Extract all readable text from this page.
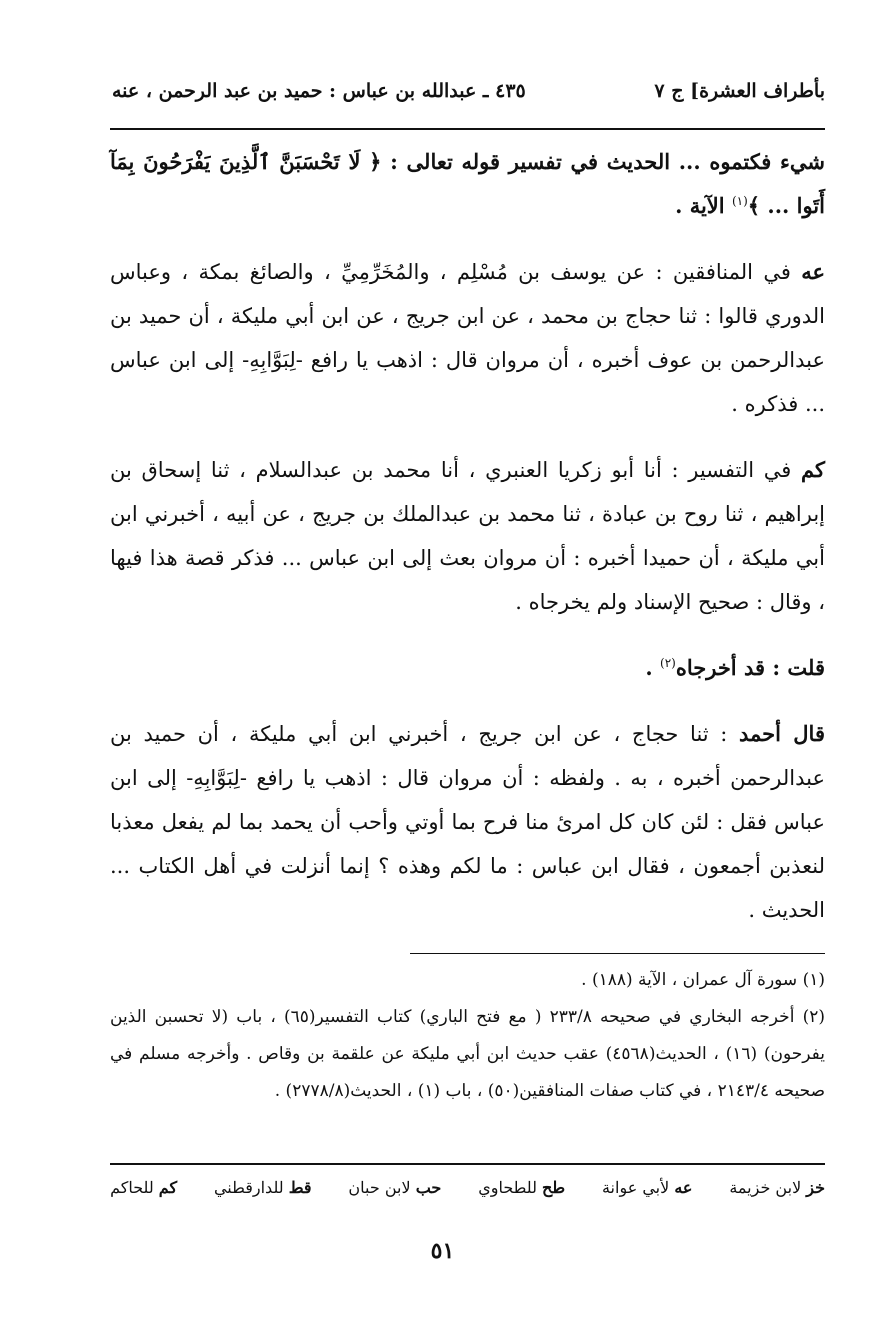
بأطراف العشرة] ج ٧
٤٣٥ ـ عبدالله بن عباس : حميد بن عبد الرحمن ، عنه

شيء فكتموه ... الحديث في تفسير قوله تعالى : ﴿ لَا تَحْسَبَنَّ ٱلَّذِينَ يَفْرَحُونَ بِمَآ أَتَوا ... ﴾$^{(١)}$ الآية .

عه في المنافقين : عن يوسف بن مُسْلِم ، والمُخَرِّمِيِّ ، والصائغ بمكة ، وعباس الدوري قالوا : ثنا حجاج بن محمد ، عن ابن جريج ، عن ابن أبي مليكة ، أن حميد بن عبدالرحمن بن عوف أخبره ، أن مروان قال : اذهب يا رافع -لِبَوَّابِهِ- إلى ابن عباس ... فذكره .

كم في التفسير : أنا أبو زكريا العنبري ، أنا محمد بن عبدالسلام ، ثنا إسحاق بن إبراهيم ، ثنا روح بن عبادة ، ثنا محمد بن عبدالملك بن جريج ، عن أبيه ، أخبرني ابن أبي مليكة ، أن حميدا أخبره : أن مروان بعث إلى ابن عباس ... فذكر قصة هذا فيها ، وقال : صحيح الإسناد ولم يخرجاه .

قلت : قد أخرجاه$^{(٢)}$ .

قال أحمد : ثنا حجاج ، عن ابن جريج ، أخبرني ابن أبي مليكة ، أن حميد بن عبدالرحمن أخبره ، به . ولفظه : أن مروان قال : اذهب يا رافع -لِبَوَّابِهِ- إلى ابن عباس فقل : لئن كان كل امرئ منا فرح بما أوتي وأحب أن يحمد بما لم يفعل معذبا لنعذبن أجمعون ، فقال ابن عباس : ما لكم وهذه ؟ إنما أنزلت في أهل الكتاب ... الحديث .

(١) سورة آل عمران ، الآية (١٨٨) .

(٢) أخرجه البخاري في صحيحه ٢٣٣/٨ ( مع فتح الباري) كتاب التفسير(٦٥) ، باب (لا تحسبن الذين يفرحون) (١٦) ، الحديث(٤٥٦٨) عقب حديث ابن أبي مليكة عن علقمة بن وقاص . وأخرجه مسلم في صحيحه ٢١٤٣/٤ ، في كتاب صفات المنافقين(٥٠) ، باب (١) ، الحديث(٢٧٧٨/٨) .

خز لابن خزيمة
عه لأبي عوانة
طح للطحاوي
حب لابن حبان
قط للدارقطني
كم للحاكم
٥١
